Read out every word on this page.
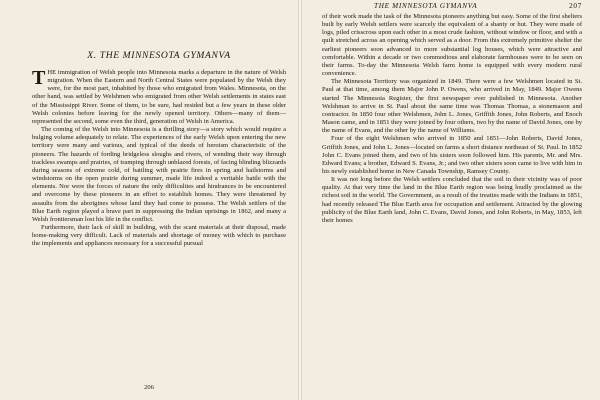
X. THE MINNESOTA GYMANVA

THE immigration of Welsh people into Minnesota marks a departure in the nature of Welsh migration. When the Eastern and North Central States were populated by the Welsh they were, for the most part, inhabited by those who emigrated from Wales. Minnesota, on the other hand, was settled by Welshmen who emigrated from other Welsh settlements in states east of the Mississippi River. Some of them, to be sure, had resided but a few years in these older Welsh colonies before leaving for the newly opened territory. Others—many of them—represented the second, some even the third, generation of Welsh in America.

The coming of the Welsh into Minnesota is a thrilling story—a story which would require a bulging volume adequately to relate. The experiences of the early Welsh upon entering the new territory were many and various, and typical of the deeds of heroism characteristic of the pioneers. The hazards of fording bridgeless sloughs and rivers, of wending their way through trackless swamps and prairies, of tramping through unblazed forests, of facing blinding blizzards during seasons of extreme cold, of battling with prairie fires in spring and hailstorms and windstorms on the open prairie during summer, made life indeed a veritable battle with the elements. Nor were the forces of nature the only difficulties and hindrances to be encountered and overcome by these pioneers in an effort to establish homes. They were threatened by assaults from the aborigines whose land they had come to possess. The Welsh settlers of the Blue Earth region played a brave part in suppressing the Indian uprisings in 1862, and many a Welsh frontiersman lost his life in the conflict.

Furthermore, their lack of skill in building, with the scant materials at their disposal, made home-making very difficult. Lack of materials and shortage of money with which to purchase the implements and appliances necessary for a successful pursual

206
THE MINNESOTA GYMANVA	207

of their work made the task of the Minnesota pioneers anything but easy. Some of the first shelters built by early Welsh settlers were scarcely the equivalent of a shanty or hut. They were made of logs, piled crisscross upon each other in a most crude fashion, without window or floor, and with a quilt stretched across an opening which served as a door. From this extremely primitive shelter the earliest pioneers soon advanced to more substantial log houses, which were attractive and comfortable. Within a decade or two commodious and elaborate farmhouses were to be seen on their farms. To-day the Minnesota Welsh farm home is equipped with every modern rural convenience.

The Minnesota Territory was organized in 1849. There were a few Welshmen located in St. Paul at that time, among them Major John P. Owens, who arrived in May, 1849. Major Owens started The Minnesota Register, the first newspaper ever published in Minnesota. Another Welshman to arrive in St. Paul about the same time was Thomas Thomas, a stonemason and contractor. In 1850 four other Welshmen, John L. Jones, Griffith Jones, John Roberts, and Enoch Mason came, and in 1851 they were joined by four others, two by the name of David Jones, one by the name of Evans, and the other by the name of Williams.

Four of the eight Welshmen who arrived in 1850 and 1851—John Roberts, David Jones, Griffith Jones, and John L. Jones—located on farms a short distance northeast of St. Paul. In 1852 John C. Evans joined them, and two of his sisters soon followed him. His parents, Mr. and Mrs. Edward Evans; a brother, Edward S. Evans, Jr.; and two other sisters soon came to live with him in his newly established home in New Canada Township, Ramsey County.

It was not long before the Welsh settlers concluded that the soil in their vicinity was of poor quality. At that very time the land in the Blue Earth region was being loudly proclaimed as the richest soil in the world. The Government, as a result of the treaties made with the Indians in 1851, had recently released The Blue Earth area for occupation and settlement. Attracted by the glowing publicity of the Blue Earth land, John C. Evans, David Jones, and John Roberts, in May, 1853, left their homes
